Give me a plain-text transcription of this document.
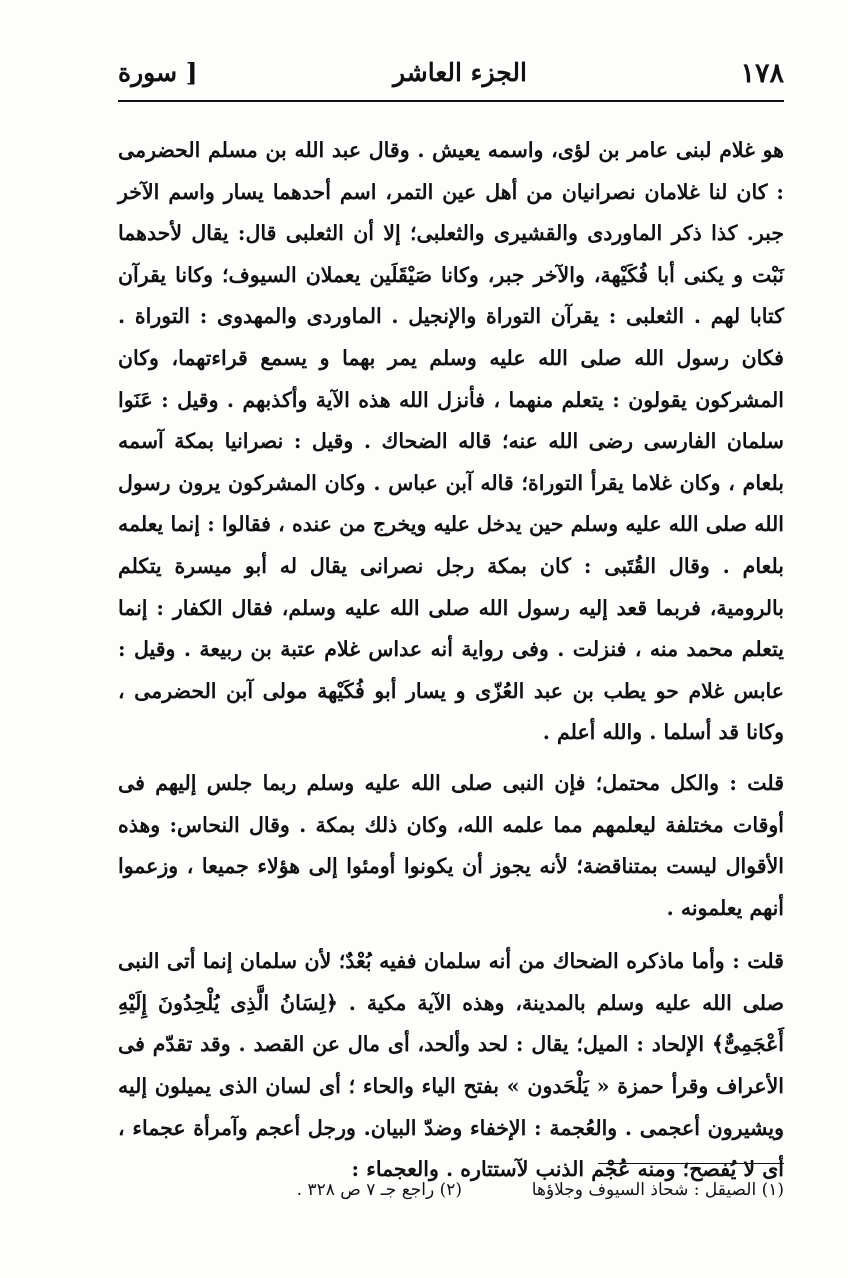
[ سورة	الجزء العاشر	١٧٨

هو غلام لبنى عامر بن لؤى، واسمه يعيش . وقال عبد الله بن مسلم الحضرمى : كان لنا غلامان نصرانيان من أهل عين التمر، اسم أحدهما يسار واسم الآخر جبر. كذا ذكر الماوردى والقشيرى والثعلبى؛ إلا أن الثعلبى قال: يقال لأحدهما نَبْت و يكنى أبا فُكَيْهة، والآخر جبر، وكانا صَيْقَلَين يعملان السيوف؛ وكانا يقرآن كتابا لهم . الثعلبى : يقرآن التوراة والإنجيل . الماوردى والمهدوى : التوراة . فكان رسول الله صلى الله عليه وسلم يمر بهما و يسمع قراءتهما، وكان المشركون يقولون : يتعلم منهما ، فأنزل الله هذه الآية وأكذبهم . وقيل : عَنَوا سلمان الفارسى رضى الله عنه؛ قاله الضحاك . وقيل : نصرانيا بمكة آسمه بلعام ، وكان غلاما يقرأ التوراة؛ قاله آبن عباس . وكان المشركون يرون رسول الله صلى الله عليه وسلم حين يدخل عليه ويخرج من عنده ، فقالوا : إنما يعلمه بلعام . وقال القُتَبى : كان بمكة رجل نصرانى يقال له أبو ميسرة يتكلم بالرومية، فربما قعد إليه رسول الله صلى الله عليه وسلم، فقال الكفار : إنما يتعلم محمد منه ، فنزلت . وفى رواية أنه عداس غلام عتبة بن ربيعة . وقيل : عابس غلام حو يطب بن عبد العُزّى و يسار أبو فُكَيْهة مولى آبن الحضرمى ، وكانا قد أسلما . والله أعلم .

قلت : والكل محتمل؛ فإن النبى صلى الله عليه وسلم ربما جلس إليهم فى أوقات مختلفة ليعلمهم مما علمه الله، وكان ذلك بمكة . وقال النحاس: وهذه الأقوال ليست بمتناقضة؛ لأنه يجوز أن يكونوا أومئوا إلى هؤلاء جميعا ، وزعموا أنهم يعلمونه .

قلت : وأما ماذكره الضحاك من أنه سلمان ففيه بُعْدٌ؛ لأن سلمان إنما أتى النبى صلى الله عليه وسلم بالمدينة، وهذه الآية مكية . ﴿لِسَانُ الَّذِى يُلْحِدُونَ إِلَيْهِ أَعْجَمِىٌّ﴾ الإلحاد : الميل؛ يقال : لحد وألحد، أى مال عن القصد . وقد تقدّم فى الأعراف وقرأ حمزة « يَلْحَدون » بفتح الياء والحاء ؛ أى لسان الذى يميلون إليه ويشيرون أعجمى . والعُجمة : الإخفاء وضدّ البيان. ورجل أعجم وآمرأة عجماء ، أى لا يُفصح؛ ومنه عُجْم الذنب لآستتاره . والعجماء :

(١) الصيقل : شحاذ السيوف وجلاؤها
(٢) راجع جـ ٧ ص ٣٢٨ .
